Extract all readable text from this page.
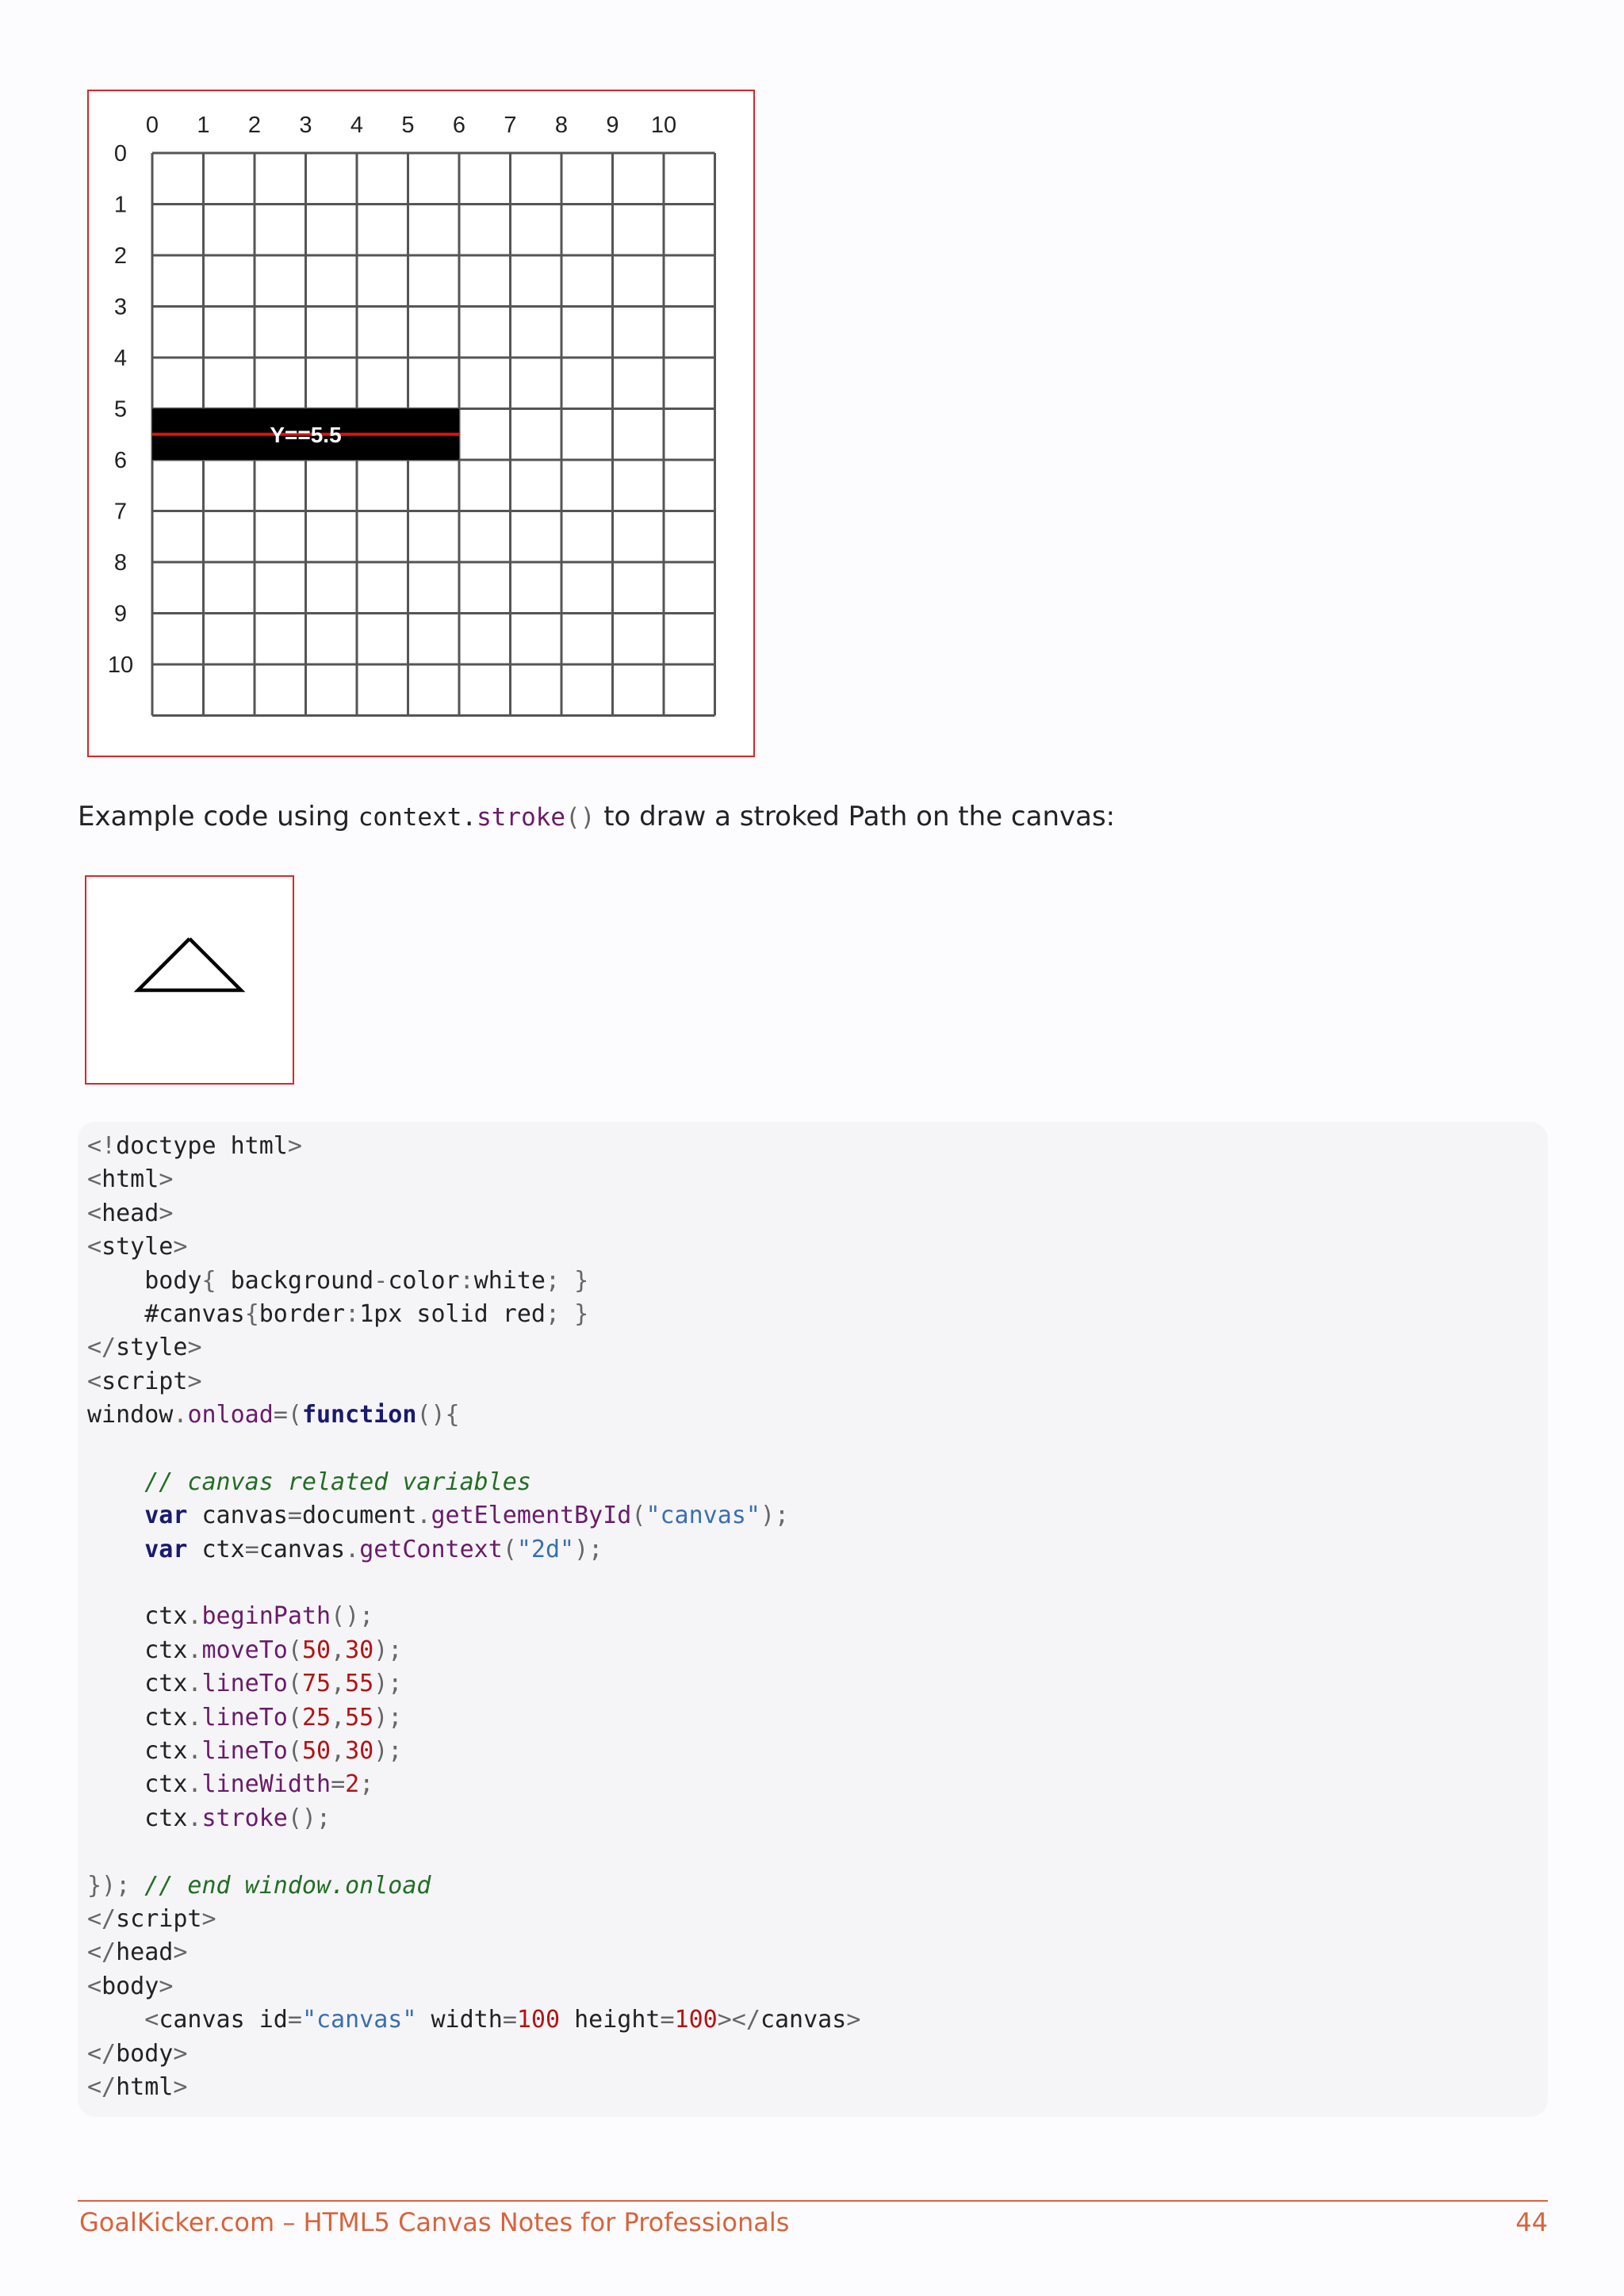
Y==5.5
0 1 2 3 4 5 6 7 8 9 10
0
1
2
3
4
5
6
7
8
9
10
Example code using context.stroke() to draw a stroked Path on the canvas:
<!doctype html>
<html>
<head>
<style>
body{ background-color:white; }
#canvas{border:1px solid red; }
</style>
<script>
window.onload=(function(){

// canvas related variables
var canvas=document.getElementById("canvas");
var ctx=canvas.getContext("2d");

ctx.beginPath();
ctx.moveTo(50,30);
ctx.lineTo(75,55);
ctx.lineTo(25,55);
ctx.lineTo(50,30);
ctx.lineWidth=2;
ctx.stroke();

}); // end window.onload
</script>
</head>
<body>
<canvas id="canvas" width=100 height=100></canvas>
</body>
</html>
GoalKicker.com – HTML5 Canvas Notes for Professionals	44
